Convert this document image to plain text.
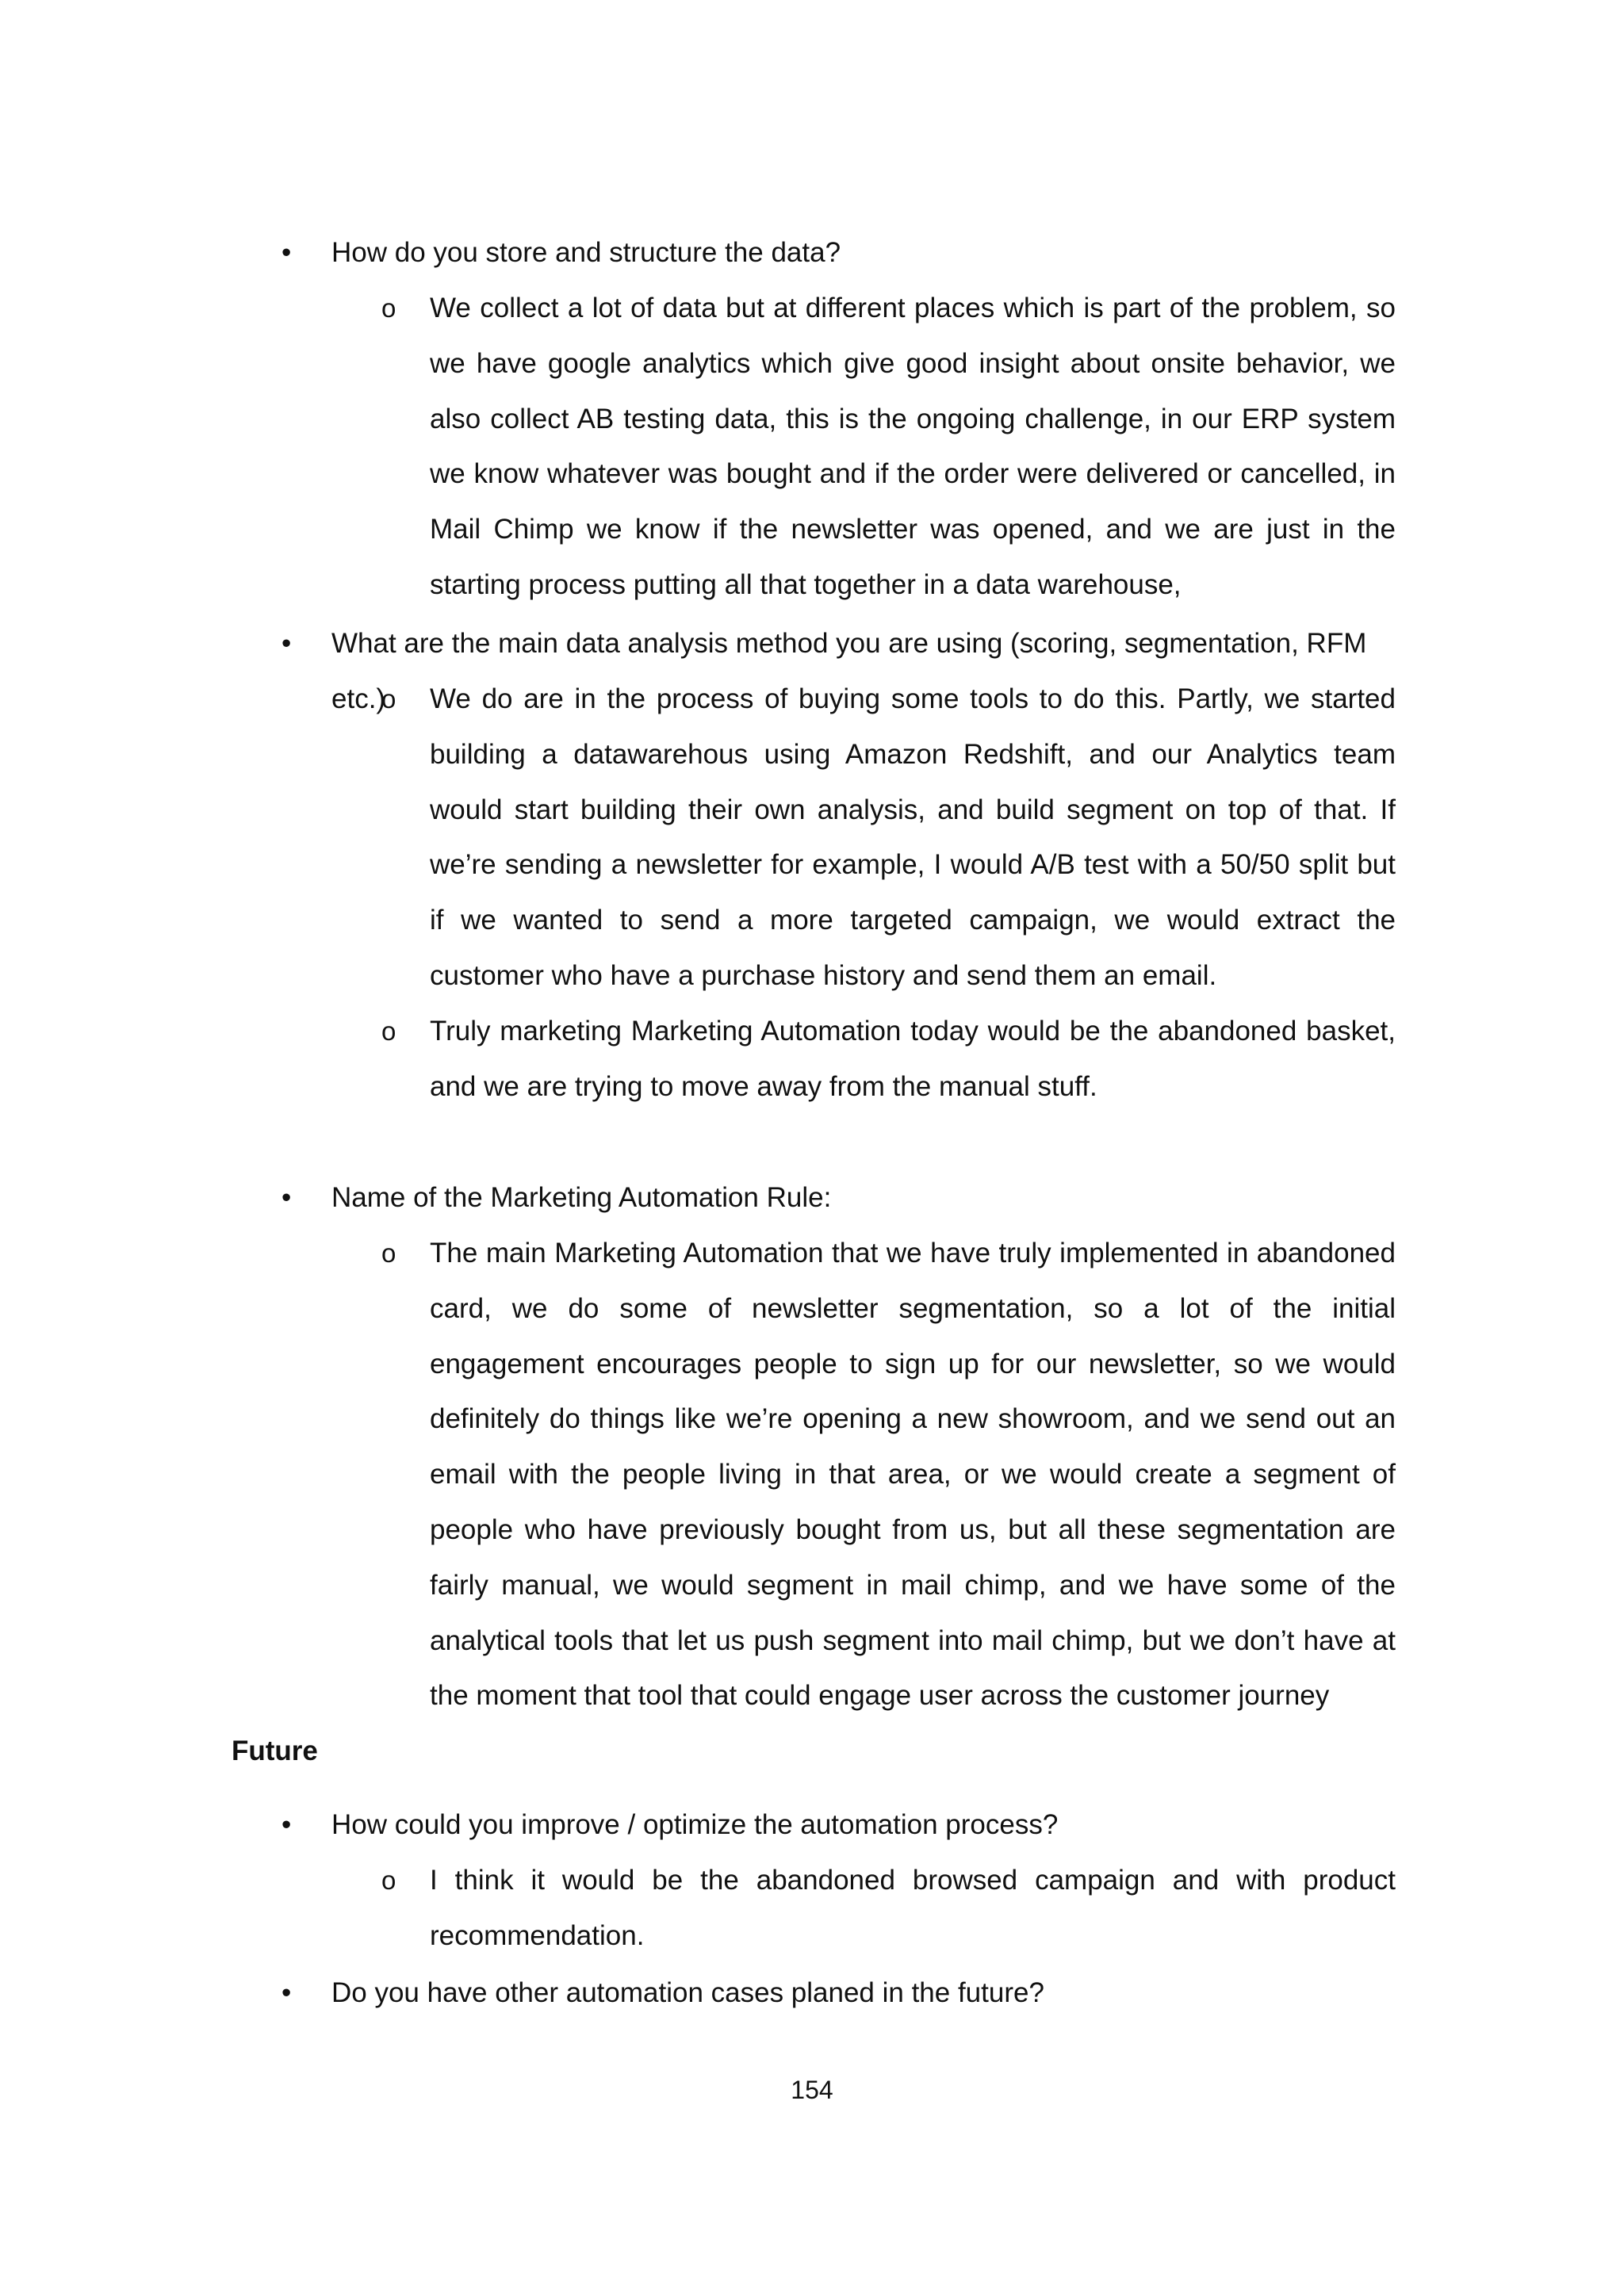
• How do you store and structure the data?

o We collect a lot of data but at different places which is part of the problem, so we have google analytics which give good insight about onsite behavior, we also collect AB testing data, this is the ongoing challenge, in our ERP system we know whatever was bought and if the order were delivered or cancelled, in Mail Chimp we know if the newsletter was opened, and we are just in the starting process putting all that together in a data warehouse,

• What are the main data analysis method you are using (scoring, segmentation, RFM etc.)

o We do are in the process of buying some tools to do this. Partly, we started building a datawarehous using Amazon Redshift, and our Analytics team would start building their own analysis, and build segment on top of that. If we’re sending a newsletter for example, I would A/B test with a 50/50 split but if we wanted to send a more targeted campaign, we would extract the customer who have a purchase history and send them an email.

o Truly marketing Marketing Automation today would be the abandoned basket, and we are trying to move away from the manual stuff.

• Name of the Marketing Automation Rule:

o The main Marketing Automation that we have truly implemented in abandoned card, we do some of newsletter segmentation, so a lot of the initial engagement encourages people to sign up for our newsletter, so we would definitely do things like we’re opening a new showroom, and we send out an email with the people living in that area, or we would create a segment of people who have previously bought from us, but all these segmentation are fairly manual, we would segment in mail chimp, and we have some of the analytical tools that let us push segment into mail chimp, but we don’t have at the moment that tool that could engage user across the customer journey

Future

• How could you improve / optimize the automation process?

o I think it would be the abandoned browsed campaign and with product recommendation.

• Do you have other automation cases planed in the future?

154
